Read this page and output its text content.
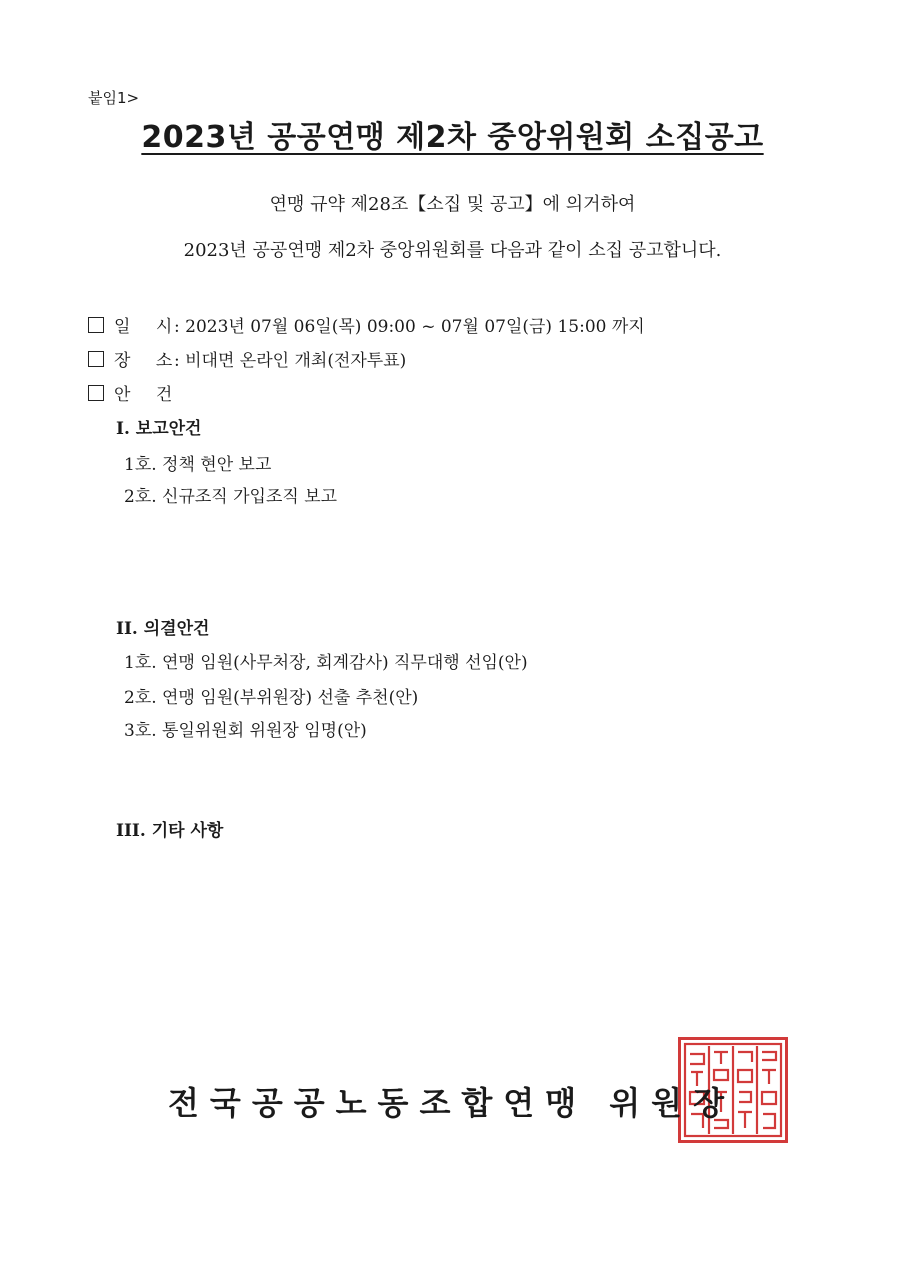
붙임1>
2023년 공공연맹 제2차 중앙위원회 소집공고
연맹 규약 제28조【소집 및 공고】에 의거하여
2023년 공공연맹 제2차 중앙위원회를 다음과 같이 소집 공고합니다.
일 시
: 2023년 07월 06일(목) 09:00 ~ 07월 07일(금) 15:00 까지
장 소
: 비대면 온라인 개최(전자투표)
안 건
I. 보고안건
1호. 정책 현안 보고
2호. 신규조직 가입조직 보고
II. 의결안건
1호. 연맹 임원(사무처장, 회계감사) 직무대행 선임(안)
2호. 연맹 임원(부위원장) 선출 추천(안)
3호. 통일위원회 위원장 임명(안)
III. 기타 사항
전국공공노동조합연맹 위원장
